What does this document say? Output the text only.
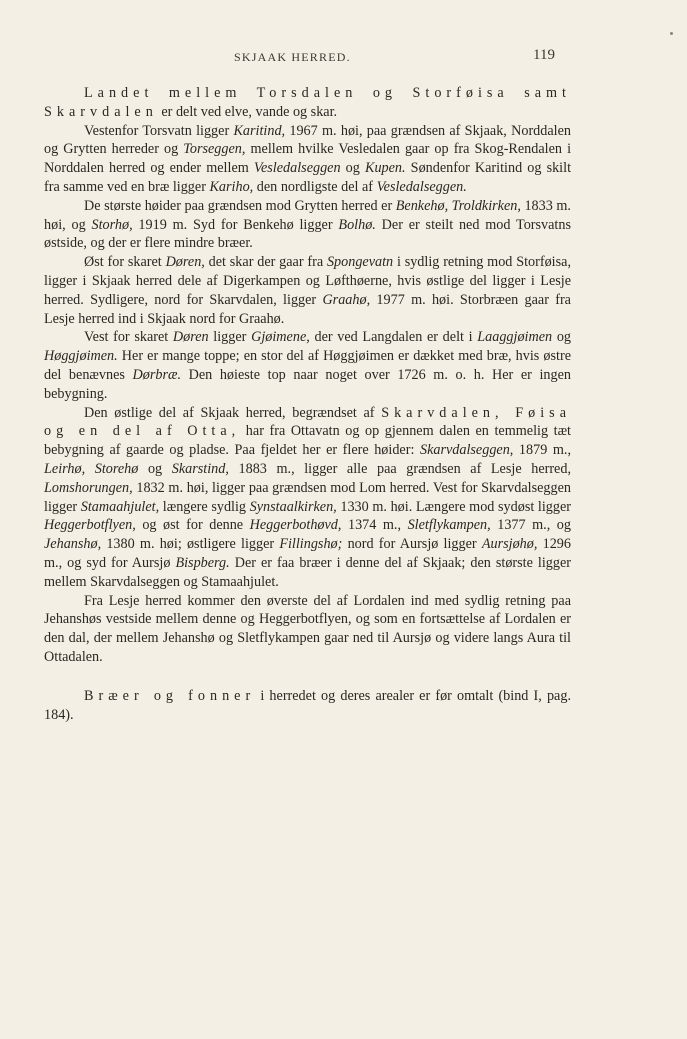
SKJAAK HERRED.	119

Landet mellem Torsdalen og Storføisa samt Skarvdalen er delt ved elve, vande og skar.

Vestenfor Torsvatn ligger Karitind, 1967 m. høi, paa grændsen af Skjaak, Norddalen og Grytten herreder og Torseggen, mellem hvilke Vesledalen gaar op fra Skog-Rendalen i Norddalen herred og ender mellem Vesledalseggen og Kupen. Søndenfor Karitind og skilt fra samme ved en bræ ligger Kariho, den nordligste del af Vesledalseggen.

De største høider paa grændsen mod Grytten herred er Benkehø, Troldkirken, 1833 m. høi, og Storhø, 1919 m. Syd for Benkehø ligger Bolhø. Der er steilt ned mod Torsvatns østside, og der er flere mindre bræer.

Øst for skaret Døren, det skar der gaar fra Spongevatn i sydlig retning mod Storføisa, ligger i Skjaak herred dele af Digerkampen og Løfthøerne, hvis østlige del ligger i Lesje herred. Sydligere, nord for Skarvdalen, ligger Graahø, 1977 m. høi. Storbræen gaar fra Lesje herred ind i Skjaak nord for Graahø.

Vest for skaret Døren ligger Gjøimene, der ved Langdalen er delt i Laaggjøimen og Høggjøimen. Her er mange toppe; en stor del af Høggjøimen er dækket med bræ, hvis østre del benævnes Dørbræ. Den høieste top naar noget over 1726 m. o. h. Her er ingen bebygning.

Den østlige del af Skjaak herred, begrændset af Skarvdalen, Føisa og en del af Otta, har fra Ottavatn og op gjennem dalen en temmelig tæt bebygning af gaarde og pladse. Paa fjeldet her er flere høider: Skarvdalseggen, 1879 m., Leirhø, Storehø og Skarstind, 1883 m., ligger alle paa grændsen af Lesje herred, Lomshorungen, 1832 m. høi, ligger paa grændsen mod Lom herred. Vest for Skarvdalseggen ligger Stamaahjulet, længere sydlig Synstaalkirken, 1330 m. høi. Længere mod sydøst ligger Heggerbotflyen, og øst for denne Heggerbothøvd, 1374 m., Sletflykampen, 1377 m., og Jehanshø, 1380 m. høi; østligere ligger Fillingshø; nord for Aursjø ligger Aursjøhø, 1296 m., og syd for Aursjø Bispberg. Der er faa bræer i denne del af Skjaak; den største ligger mellem Skarvdalseggen og Stamaahjulet.

Fra Lesje herred kommer den øverste del af Lordalen ind med sydlig retning paa Jehanshøs vestside mellem denne og Heggerbotflyen, og som en fortsættelse af Lordalen er den dal, der mellem Jehanshø og Sletflykampen gaar ned til Aursjø og videre langs Aura til Ottadalen.

Bræer og fonner i herredet og deres arealer er før omtalt (bind I, pag. 184).
